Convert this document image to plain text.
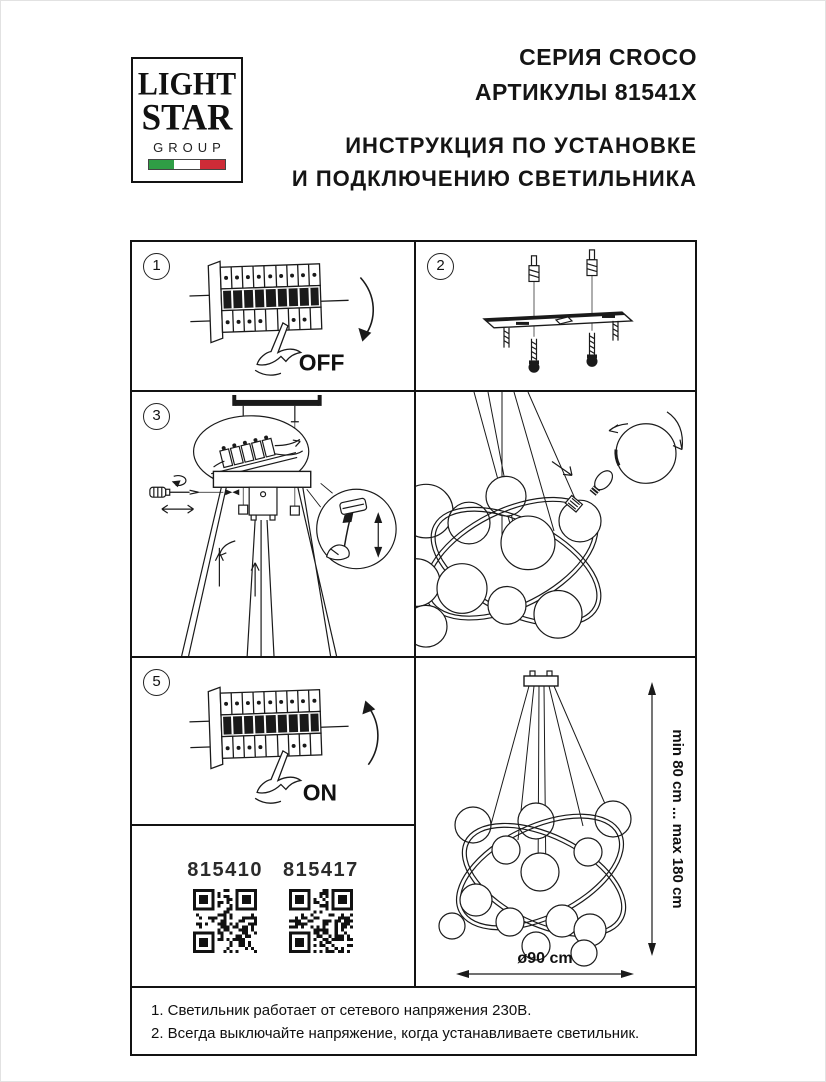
LIGHT
STAR
GROUP
СЕРИЯ CROCO
АРТИКУЛЫ 81541X
ИНСТРУКЦИЯ ПО УСТАНОВКЕ
И ПОДКЛЮЧЕНИЮ СВЕТИЛЬНИКА
1
OFF
2
3
5
ON
815410 815417	min 80 cm ... max 180 cm
ø90 cm
1. Светильник работает от сетевого напряжения 230В.
2. Всегда выключайте напряжение, когда устанавливаете светильник.
